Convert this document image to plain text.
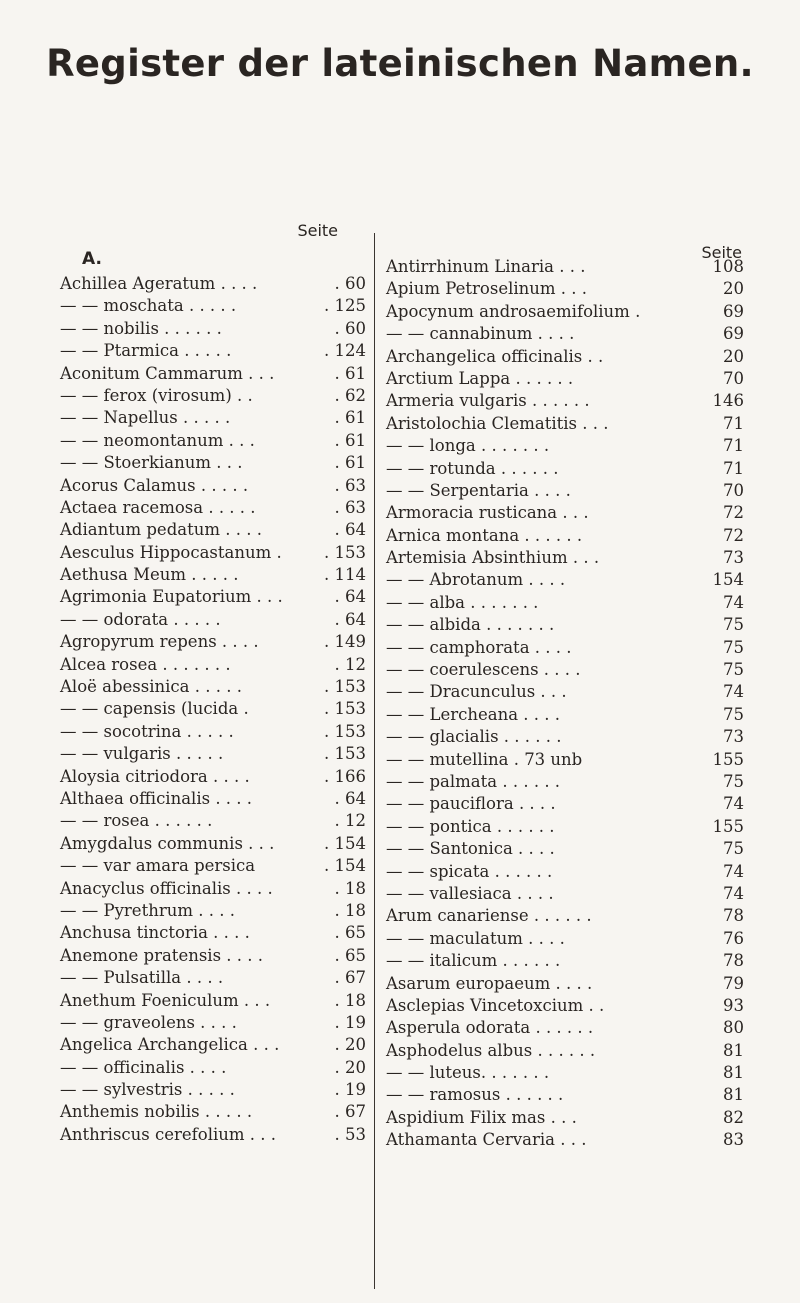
Register der lateinischen Namen.
Seite
A.
Achillea Ageratum . . . .	. 60
— — moschata . . . . .	. 125
— — nobilis . . . . . .	. 60
— — Ptarmica . . . . .	. 124
Aconitum Cammarum . . .	. 61
— — ferox (virosum) . .	. 62
— — Napellus . . . . .	. 61
— — neomontanum . . .	. 61
— — Stoerkianum . . .	. 61
Acorus Calamus . . . . .	. 63
Actaea racemosa . . . . .	. 63
Adiantum pedatum . . . .	. 64
Aesculus Hippocastanum .	. 153
Aethusa Meum . . . . .	. 114
Agrimonia Eupatorium . . .	. 64
— — odorata . . . . .	. 64
Agropyrum repens . . . .	. 149
Alcea rosea . . . . . . .	. 12
Aloë abessinica . . . . .	. 153
— — capensis (lucida .	. 153
— — socotrina . . . . .	. 153
— — vulgaris . . . . .	. 153
Aloysia citriodora . . . .	. 166
Althaea officinalis . . . .	. 64
— — rosea . . . . . .	. 12
Amygdalus communis . . .	. 154
— — var amara persica	. 154
Anacyclus officinalis . . . .	. 18
— — Pyrethrum . . . .	. 18
Anchusa tinctoria . . . .	. 65
Anemone pratensis . . . .	. 65
— — Pulsatilla . . . .	. 67
Anethum Foeniculum . . .	. 18
— — graveolens . . . .	. 19
Angelica Archangelica . . .	. 20
— — officinalis . . . .	. 20
— — sylvestris . . . . .	. 19
Anthemis nobilis . . . . .	. 67
Anthriscus cerefolium . . .	. 53
Seite
Antirrhinum Linaria . . .	108
Apium Petroselinum . . .	20
Apocynum androsaemifolium .	69
— — cannabinum . . . .	69
Archangelica officinalis . .	20
Arctium Lappa . . . . . .	70
Armeria vulgaris . . . . . .	146
Aristolochia Clematitis . . .	71
— — longa . . . . . . .	71
— — rotunda . . . . . .	71
— — Serpentaria . . . .	70
Armoracia rusticana . . .	72
Arnica montana . . . . . .	72
Artemisia Absinthium . . .	73
— — Abrotanum . . . .	154
— — alba . . . . . . .	74
— — albida . . . . . . .	75
— — camphorata . . . .	75
— — coerulescens . . . .	75
— — Dracunculus . . .	74
— — Lercheana . . . .	75
— — glacialis . . . . . .	73
— — mutellina . 73 unb	155
— — palmata . . . . . .	75
— — pauciflora . . . .	74
— — pontica . . . . . .	155
— — Santonica . . . .	75
— — spicata . . . . . .	74
— — vallesiaca . . . .	74
Arum canariense . . . . . .	78
— — maculatum . . . .	76
— — italicum . . . . . .	78
Asarum europaeum . . . .	79
Asclepias Vincetoxcium . .	93
Asperula odorata . . . . . .	80
Asphodelus albus . . . . . .	81
— — luteus. . . . . . .	81
— — ramosus . . . . . .	81
Aspidium Filix mas . . .	82
Athamanta Cervaria . . .	83
